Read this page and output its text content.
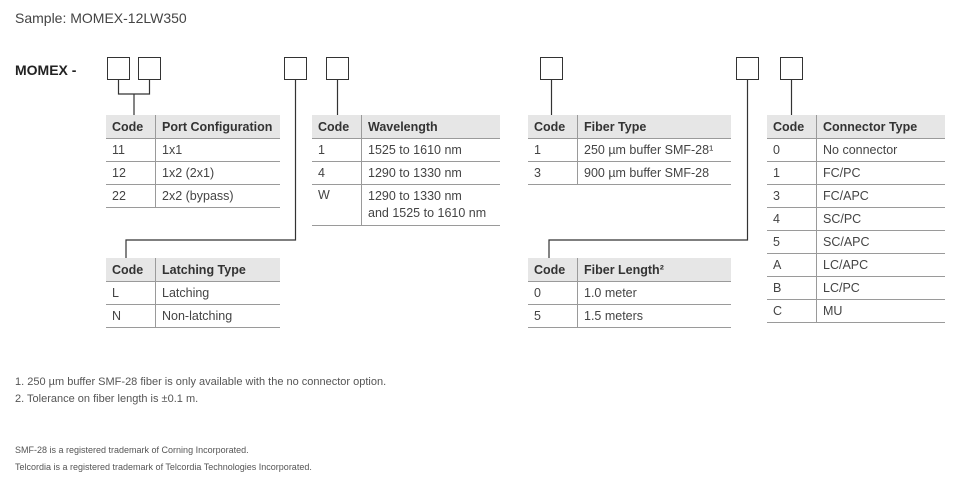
Sample: MOMEX-12LW350
MOMEX -
Code	Port Configuration
11	1x1
12	1x2 (2x1)
22	2x2 (bypass)
Code	Latching Type
L	Latching
N	Non-latching
Code	Wavelength
1	1525 to 1610 nm
4	1290 to 1330 nm
W	1290 to 1330 nm
and 1525 to 1610 nm
Code	Fiber Type
1	250 µm buffer SMF-28¹
3	900 µm buffer SMF-28
Code	Fiber Length²
0	1.0 meter
5	1.5 meters
Code	Connector Type
0	No connector
1	FC/PC
3	FC/APC
4	SC/PC
5	SC/APC
A	LC/APC
B	LC/PC
C	MU
1. 250 µm buffer SMF-28 fiber is only available with the no connector option.
2. Tolerance on fiber length is ±0.1 m.
SMF-28 is a registered trademark of Corning Incorporated.
Telcordia is a registered trademark of Telcordia Technologies Incorporated.
